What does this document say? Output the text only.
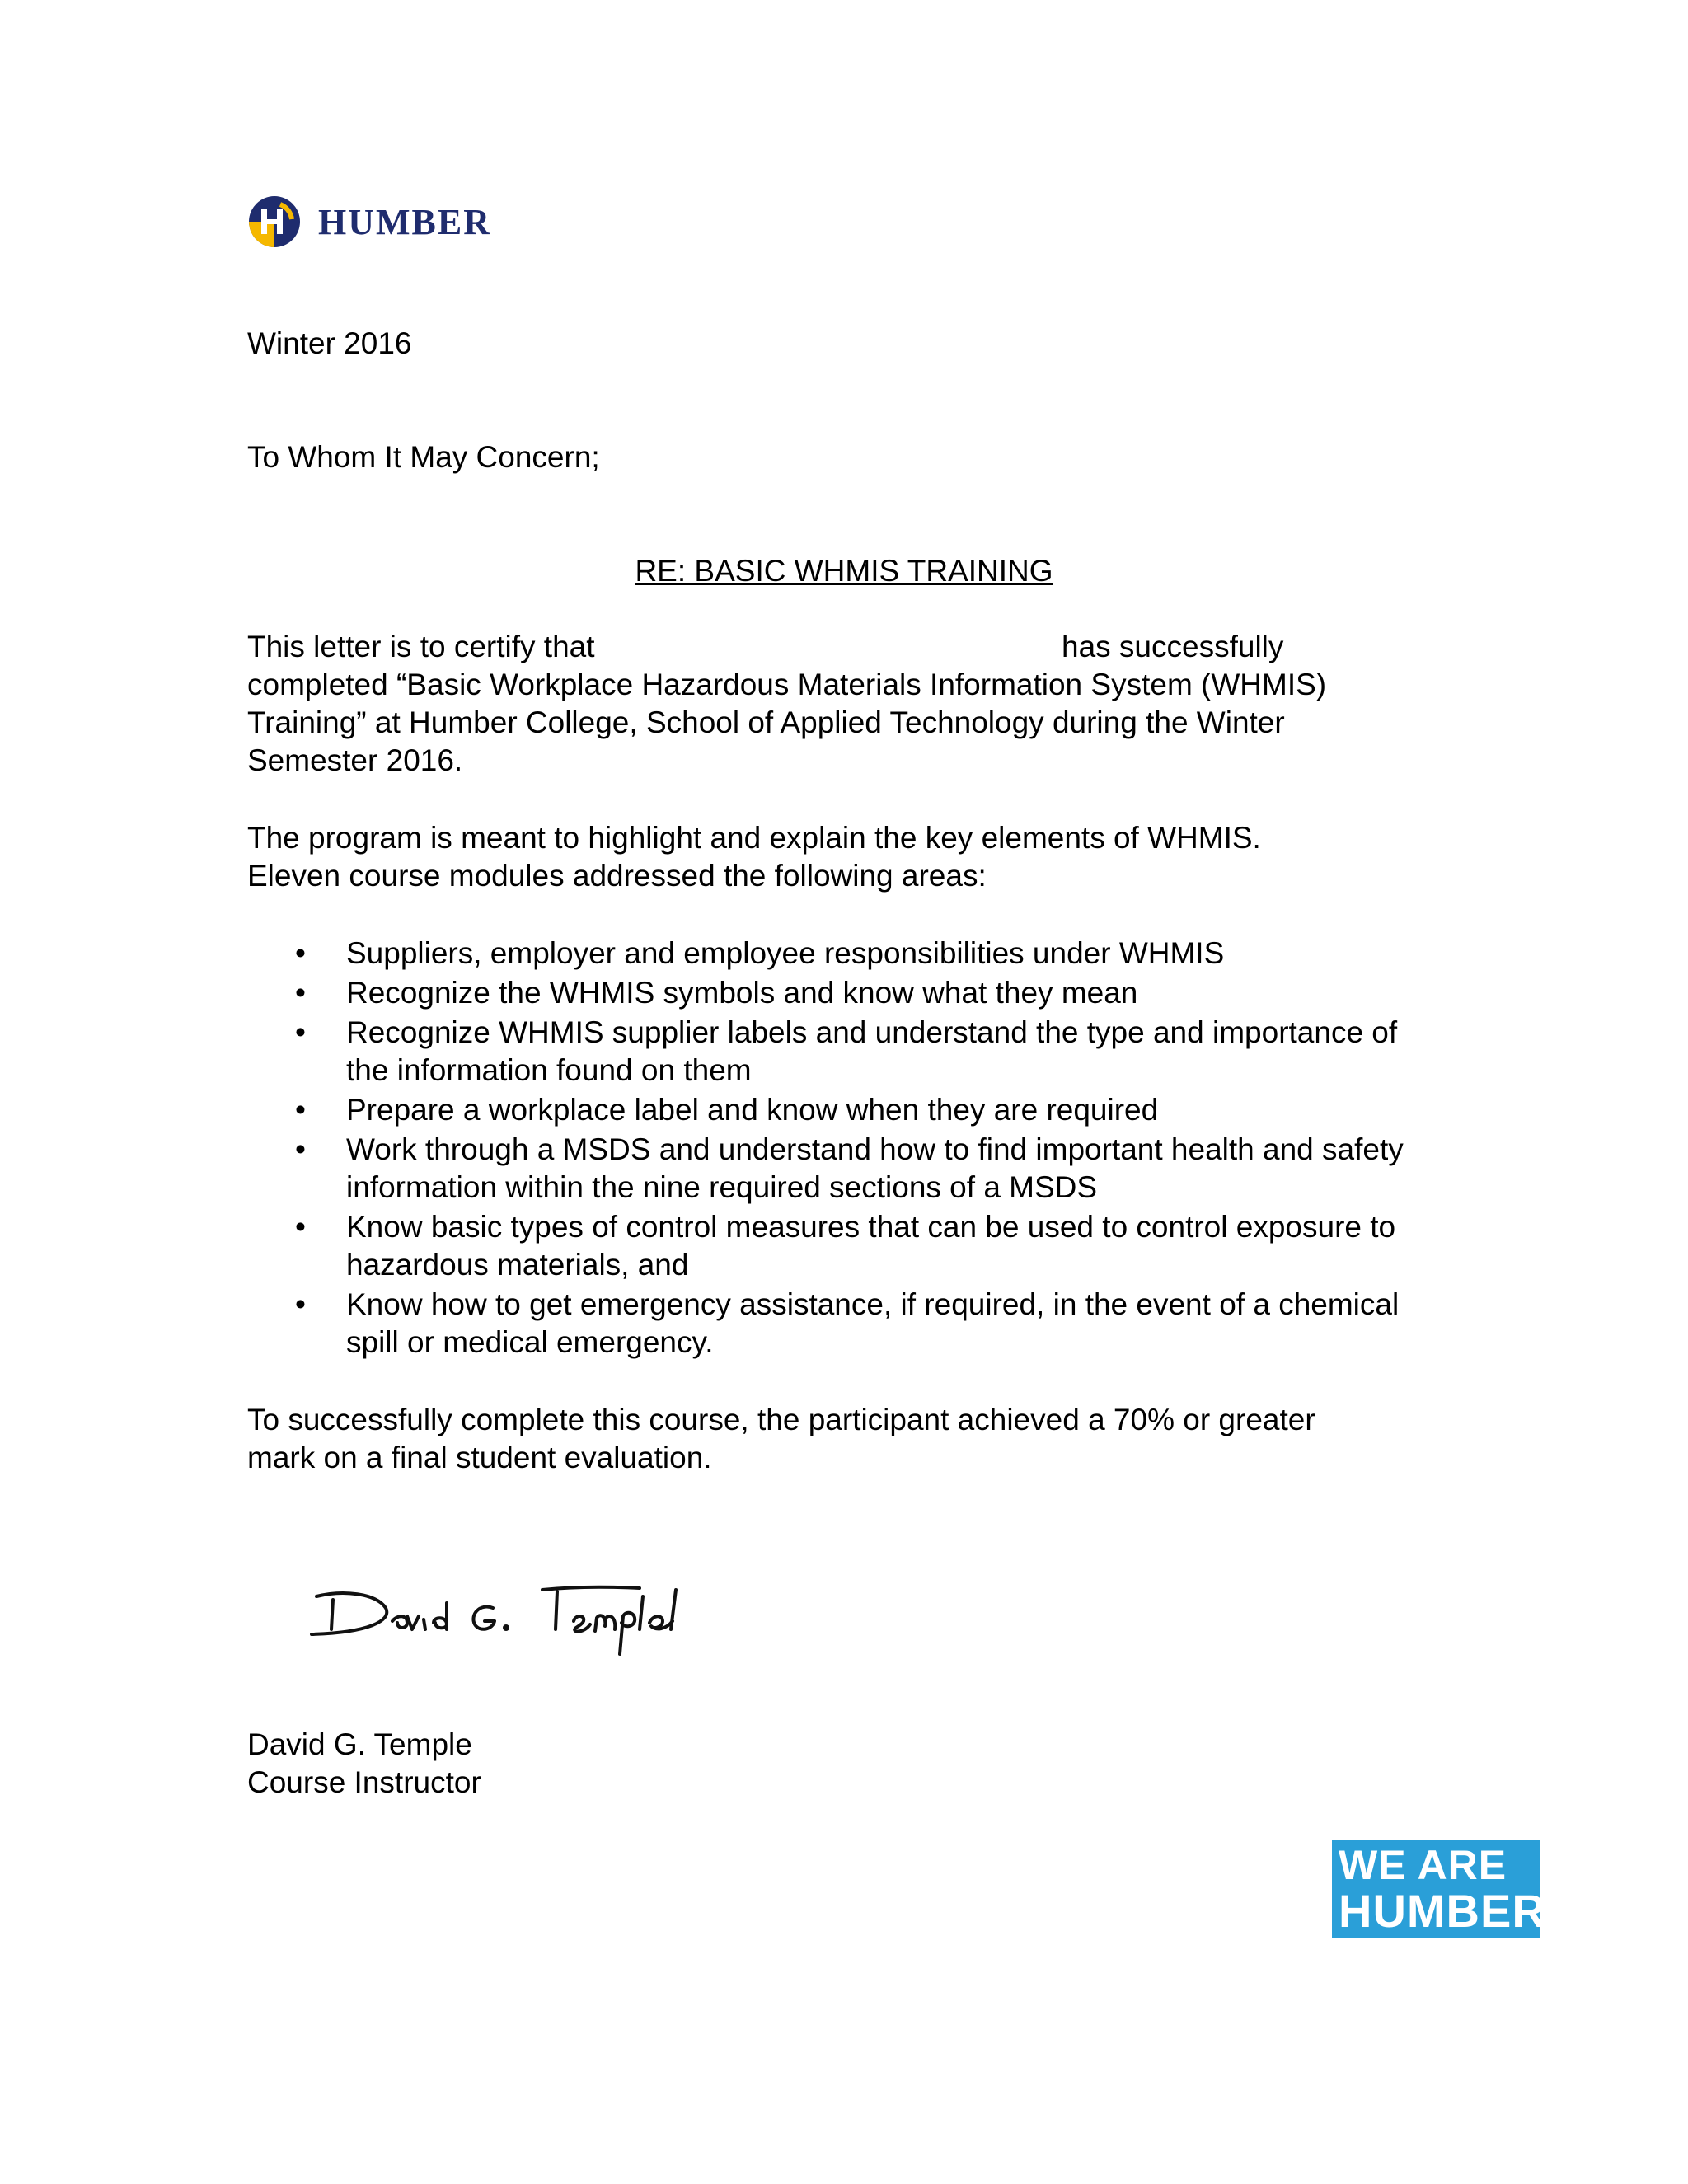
HUMBER
Winter 2016
To Whom It May Concern;
RE: BASIC WHMIS TRAINING
This letter is to certify that	has successfully
completed “Basic Workplace Hazardous Materials Information System (WHMIS)
Training” at Humber College, School of Applied Technology during the Winter
Semester 2016.
The program is meant to highlight and explain the key elements of WHMIS.
Eleven course modules addressed the following areas:
• Suppliers, employer and employee responsibilities under WHMIS
• Recognize the WHMIS symbols and know what they mean
• Recognize WHMIS supplier labels and understand the type and importance of the information found on them
• Prepare a workplace label and know when they are required
• Work through a MSDS and understand how to find important health and safety information within the nine required sections of a MSDS
• Know basic types of control measures that can be used to control exposure to hazardous materials, and
• Know how to get emergency assistance, if required, in the event of a chemical spill or medical emergency.
To successfully complete this course, the participant achieved a 70% or greater
mark on a final student evaluation.
David G. Temple
Course Instructor
WE ARE
HUMBER
